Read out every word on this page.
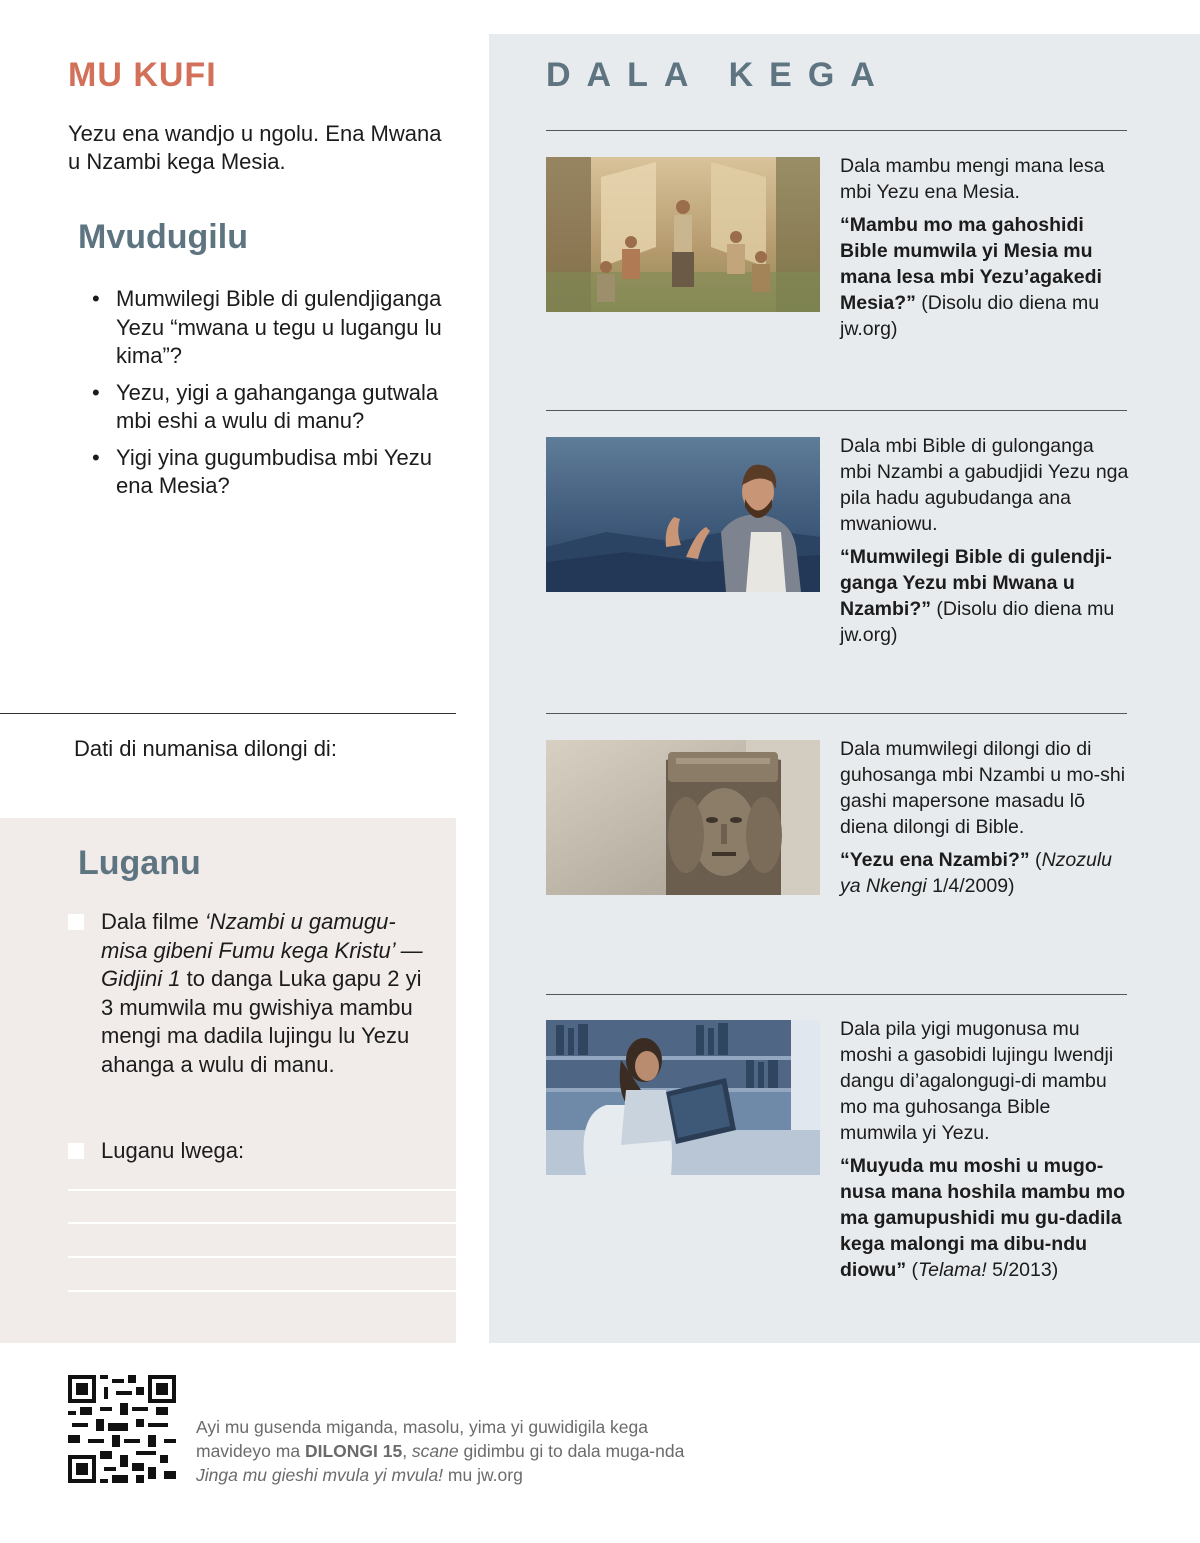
MU KUFI
Yezu ena wandjo u ngolu. Ena Mwana u Nzambi kega Mesia.
Mvudugilu
• Mumwilegi Bible di gulendjiganga Yezu “mwana u tegu u lugangu lu kima”?
• Yezu, yigi a gahanganga gutwala mbi eshi a wulu di manu?
• Yigi yina gugumbudisa mbi Yezu ena Mesia?
Dati di numanisa dilongi di:
Luganu
Dala filme ‘Nzambi u gamugu-misa gibeni Fumu kega Kristu’ —Gidjini 1 to danga Luka gapu 2 yi 3 mumwila mu gwishiya mambu mengi ma dadila lujingu lu Yezu ahanga a wulu di manu.
Luganu lwega:
DALA KEGA
Dala mambu mengi mana lesa mbi Yezu ena Mesia.
“Mambu mo ma gahoshidi Bible mumwila yi Mesia mu mana lesa mbi Yezu’agakedi Mesia?” (Disolu dio diena mu jw.org)
Dala mbi Bible di gulonganga mbi Nzambi a gabudjidi Yezu nga pila hadu agubudanga ana mwaniowu.
“Mumwilegi Bible di gulendji-ganga Yezu mbi Mwana u Nzambi?” (Disolu dio diena mu jw.org)
Dala mumwilegi dilongi dio di guhosanga mbi Nzambi u mo-shi gashi mapersone masadu lō diena dilongi di Bible.
“Yezu ena Nzambi?” (Nzozulu ya Nkengi 1/4/2009)
Dala pila yigi mugonusa mu moshi a gasobidi lujingu lwendji dangu di’agalongugi-di mambu mo ma guhosanga Bible mumwila yi Yezu.
“Muyuda mu moshi u mugo-nusa mana hoshila mambu mo ma gamupushidi mu gu-dadila kega malongi ma dibu-ndu diowu” (Telama! 5/2013)
Ayi mu gusenda miganda, masolu, yima yi guwidigila kega mavideyo ma DILONGI 15, scane gidimbu gi to dala muga-nda Jinga mu gieshi mvula yi mvula! mu jw.org
